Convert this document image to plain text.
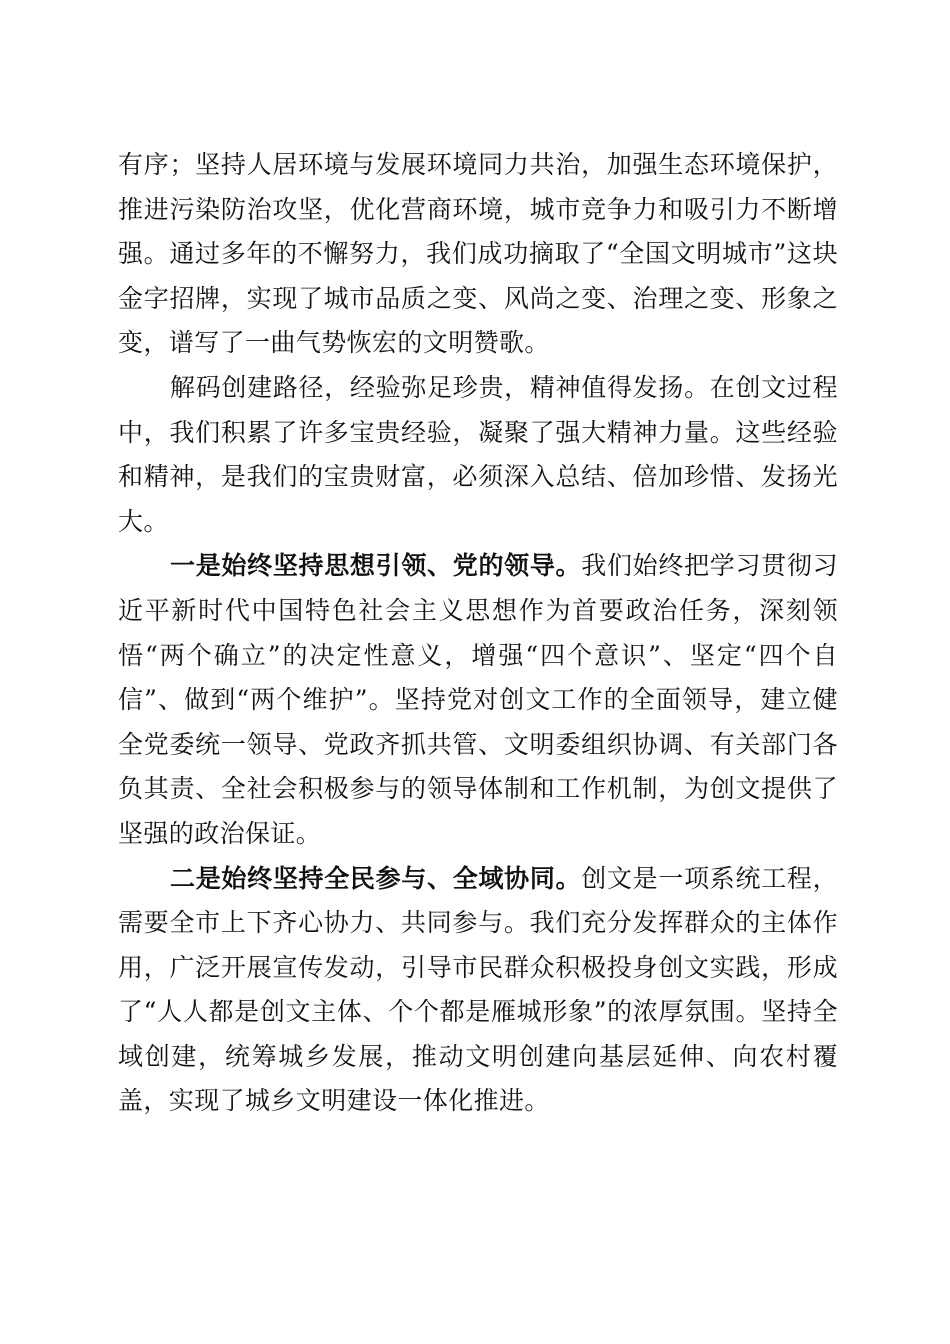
有序；坚持人居环境与发展环境同力共治，加强生态环境保护，推进污染防治攻坚，优化营商环境，城市竞争力和吸引力不断增强。通过多年的不懈努力，我们成功摘取了“全国文明城市”这块金字招牌，实现了城市品质之变、风尚之变、治理之变、形象之变，谱写了一曲气势恢宏的文明赞歌。

解码创建路径，经验弥足珍贵，精神值得发扬。在创文过程中，我们积累了许多宝贵经验，凝聚了强大精神力量。这些经验和精神，是我们的宝贵财富，必须深入总结、倍加珍惜、发扬光大。

一是始终坚持思想引领、党的领导。我们始终把学习贯彻习近平新时代中国特色社会主义思想作为首要政治任务，深刻领悟“两个确立”的决定性意义，增强“四个意识”、坚定“四个自信”、做到“两个维护”。坚持党对创文工作的全面领导，建立健全党委统一领导、党政齐抓共管、文明委组织协调、有关部门各负其责、全社会积极参与的领导体制和工作机制，为创文提供了坚强的政治保证。

二是始终坚持全民参与、全域协同。创文是一项系统工程，需要全市上下齐心协力、共同参与。我们充分发挥群众的主体作用，广泛开展宣传发动，引导市民群众积极投身创文实践，形成了“人人都是创文主体、个个都是雁城形象”的浓厚氛围。坚持全域创建，统筹城乡发展，推动文明创建向基层延伸、向农村覆盖，实现了城乡文明建设一体化推进。
